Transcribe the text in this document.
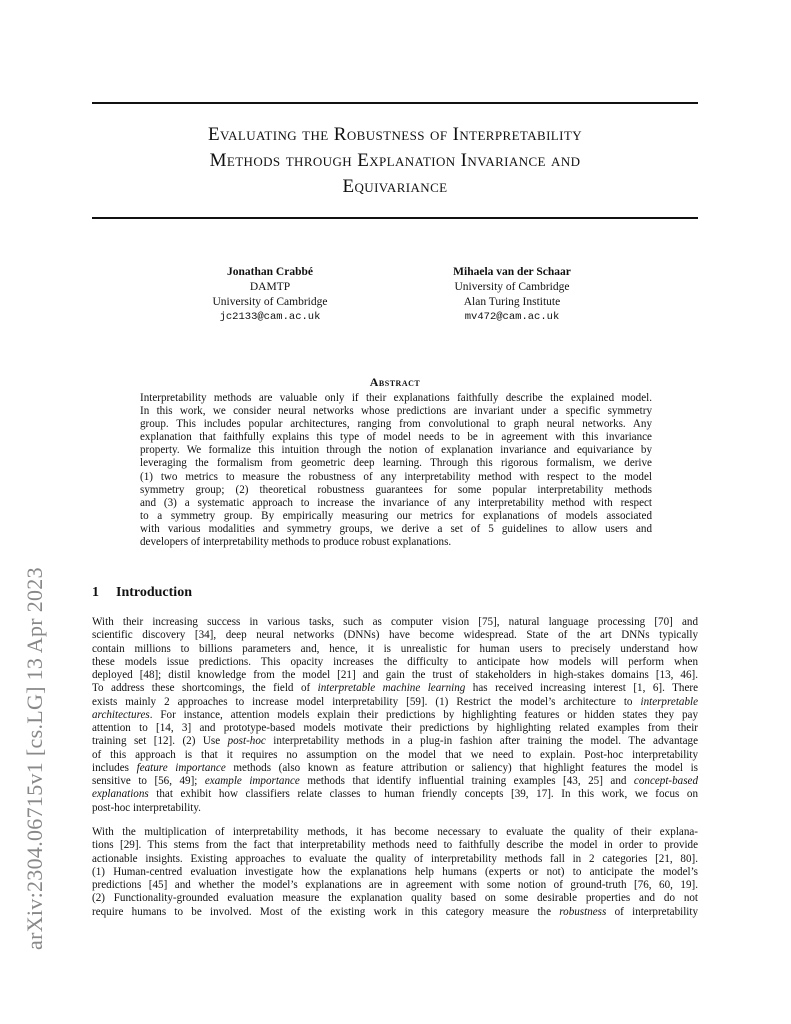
arXiv:2304.06715v1 [cs.LG] 13 Apr 2023
Evaluating the Robustness of Interpretability
Methods through Explanation Invariance and
Equivariance
Jonathan Crabbé
DAMTP
University of Cambridge
jc2133@cam.ac.uk
Mihaela van der Schaar
University of Cambridge
Alan Turing Institute
mv472@cam.ac.uk
Abstract
Interpretability methods are valuable only if their explanations faithfully describe the explained model.
In this work, we consider neural networks whose predictions are invariant under a specific symmetry
group. This includes popular architectures, ranging from convolutional to graph neural networks. Any
explanation that faithfully explains this type of model needs to be in agreement with this invariance
property. We formalize this intuition through the notion of explanation invariance and equivariance by
leveraging the formalism from geometric deep learning. Through this rigorous formalism, we derive
(1) two metrics to measure the robustness of any interpretability method with respect to the model
symmetry group; (2) theoretical robustness guarantees for some popular interpretability methods
and (3) a systematic approach to increase the invariance of any interpretability method with respect
to a symmetry group. By empirically measuring our metrics for explanations of models associated
with various modalities and symmetry groups, we derive a set of 5 guidelines to allow users and
developers of interpretability methods to produce robust explanations.
1 Introduction
With their increasing success in various tasks, such as computer vision [75], natural language processing [70] and
scientific discovery [34], deep neural networks (DNNs) have become widespread. State of the art DNNs typically
contain millions to billions parameters and, hence, it is unrealistic for human users to precisely understand how
these models issue predictions. This opacity increases the difficulty to anticipate how models will perform when
deployed [48]; distil knowledge from the model [21] and gain the trust of stakeholders in high-stakes domains [13, 46].
To address these shortcomings, the field of interpretable machine learning has received increasing interest [1, 6]. There
exists mainly 2 approaches to increase model interpretability [59]. (1) Restrict the model’s architecture to interpretable
architectures. For instance, attention models explain their predictions by highlighting features or hidden states they pay
attention to [14, 3] and prototype-based models motivate their predictions by highlighting related examples from their
training set [12]. (2) Use post-hoc interpretability methods in a plug-in fashion after training the model. The advantage
of this approach is that it requires no assumption on the model that we need to explain. Post-hoc interpretability
includes feature importance methods (also known as feature attribution or saliency) that highlight features the model is
sensitive to [56, 49]; example importance methods that identify influential training examples [43, 25] and concept-based
explanations that exhibit how classifiers relate classes to human friendly concepts [39, 17]. In this work, we focus on
post-hoc interpretability.
With the multiplication of interpretability methods, it has become necessary to evaluate the quality of their explana-
tions [29]. This stems from the fact that interpretability methods need to faithfully describe the model in order to provide
actionable insights. Existing approaches to evaluate the quality of interpretability methods fall in 2 categories [21, 80].
(1) Human-centred evaluation investigate how the explanations help humans (experts or not) to anticipate the model’s
predictions [45] and whether the model’s explanations are in agreement with some notion of ground-truth [76, 60, 19].
(2) Functionality-grounded evaluation measure the explanation quality based on some desirable properties and do not
require humans to be involved. Most of the existing work in this category measure the robustness of interpretability
